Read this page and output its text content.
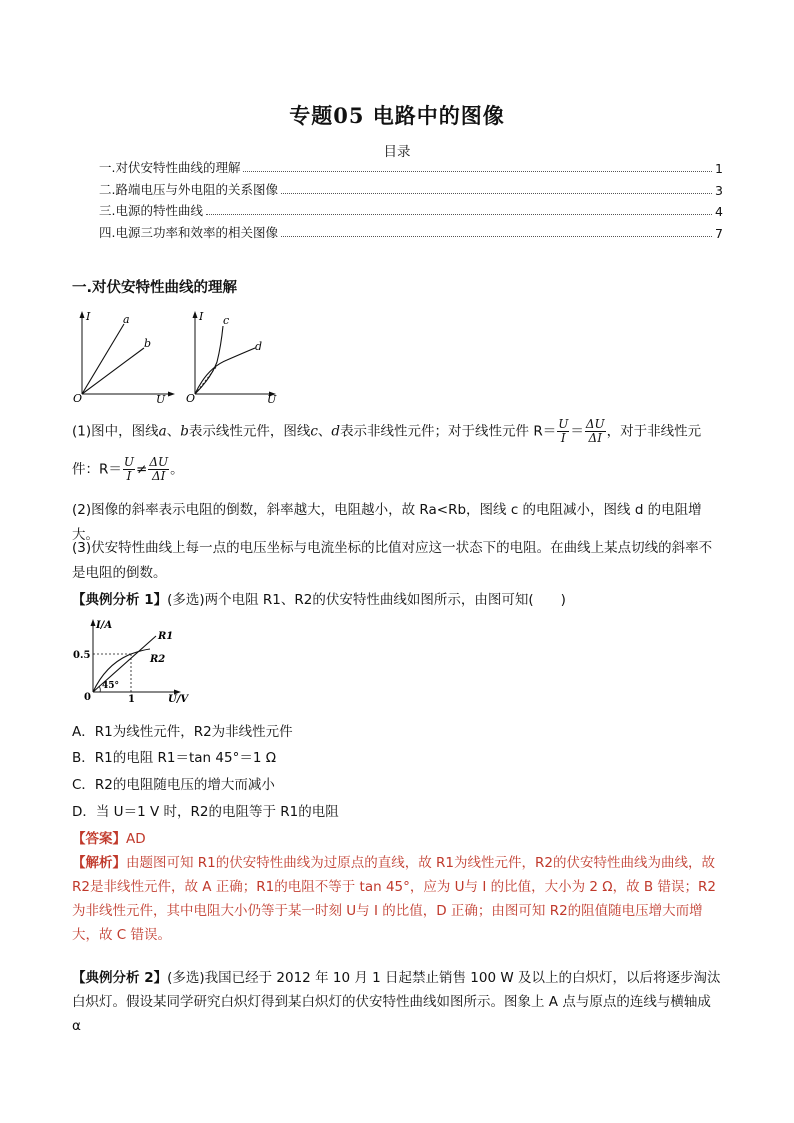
专题05 电路中的图像
目录
一.对伏安特性曲线的理解	1
二.路端电压与外电阻的关系图像	3
三.电源的特性曲线	4
四.电源三功率和效率的相关图像	7
一.对伏安特性曲线的理解
I
O	U
a
b
I
O	U
c
d
(1)图中，图线a、b表示线性元件，图线c、d表示非线性元件；对于线性元件 $R= \frac{U}{I} = \frac{\Delta U}{\Delta I}$ ，对于非线性元
件：$R= \frac{U}{I} \ne \frac{\Delta U}{\Delta I}$ 。
(2)图像的斜率表示电阻的倒数，斜率越大，电阻越小，故 Ra<Rb，图线 c 的电阻减小，图线 d 的电阻增大。
(3)伏安特性曲线上每一点的电压坐标与电流坐标的比值对应这一状态下的电阻。在曲线上某点切线的斜率不是电阻的倒数。
【典例分析 1】(多选)两个电阻 R1、R2的伏安特性曲线如图所示，由图可知(　　)
I/A
0.5
0	1	U/V
45°
R1
R2
A．R1为线性元件，R2为非线性元件
B．R1的电阻 R1＝tan 45°＝1 Ω
C．R2的电阻随电压的增大而减小
D．当 U＝1 V 时，R2的电阻等于 R1的电阻
【答案】AD
【解析】由题图可知 R1的伏安特性曲线为过原点的直线，故 R1为线性元件，R2的伏安特性曲线为曲线，故 R2是非线性元件，故 A 正确；R1的电阻不等于 tan 45°，应为 U与 I 的比值，大小为 2 Ω，故 B 错误；R2为非线性元件，其中电阻大小仍等于某一时刻 U与 I 的比值，D 正确；由图可知 R2的阻值随电压增大而增大，故 C 错误。
【典例分析 2】(多选)我国已经于 2012 年 10 月 1 日起禁止销售 100 W 及以上的白炽灯，以后将逐步淘汰白炽灯。假设某同学研究白炽灯得到某白炽灯的伏安特性曲线如图所示。图象上 A 点与原点的连线与横轴成 α
